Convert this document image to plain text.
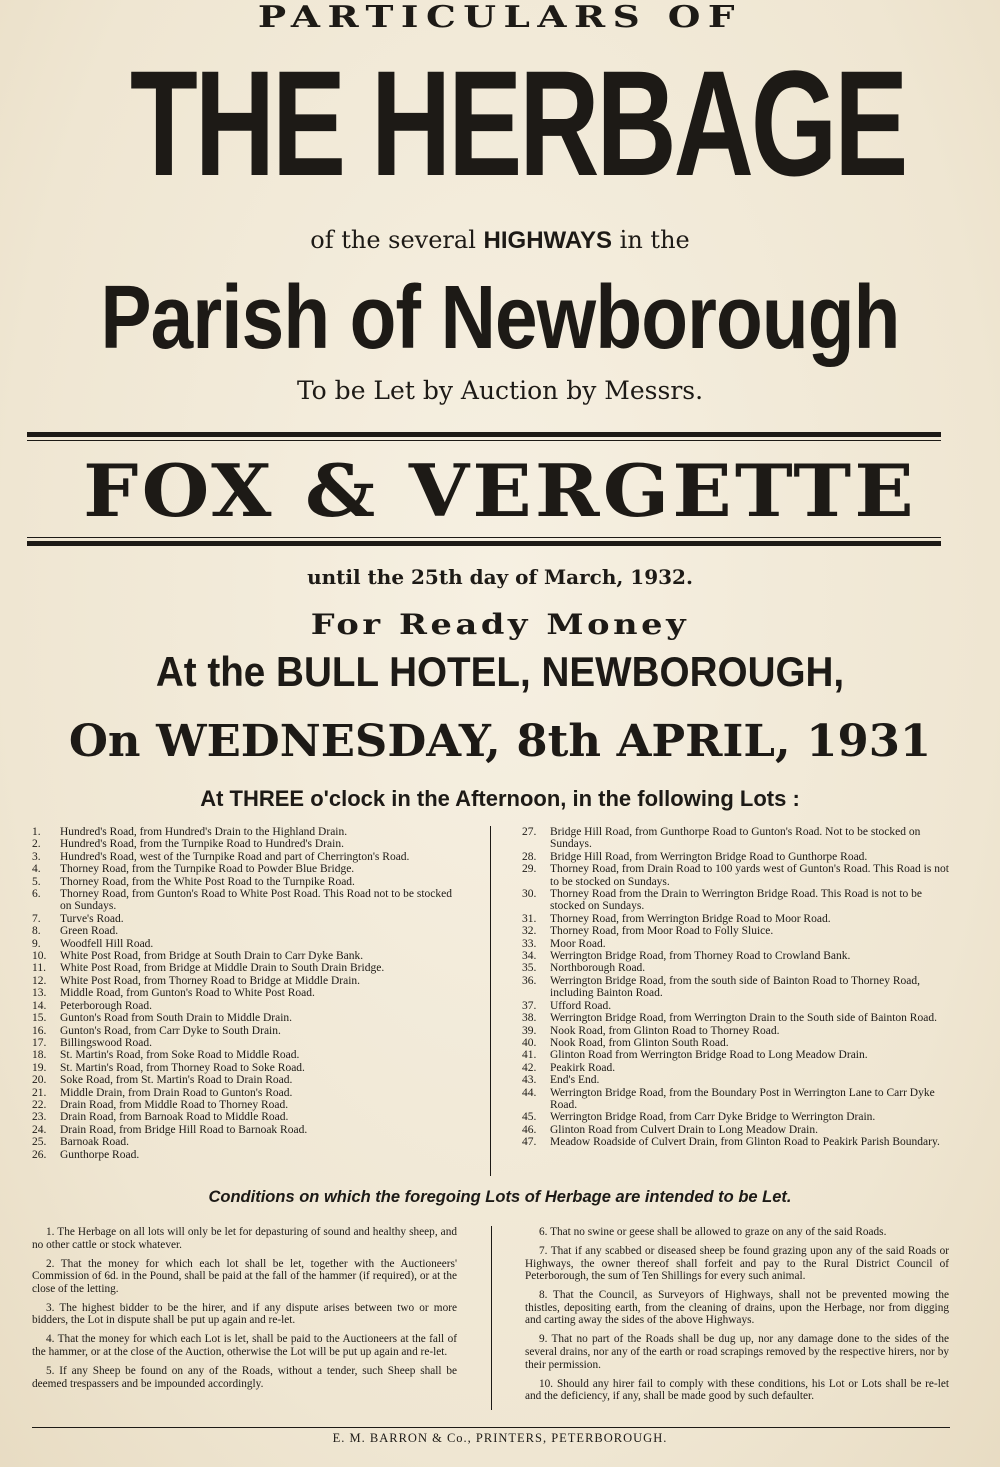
PARTICULARS OF
THE HERBAGE
of the several HIGHWAYS in the
Parish of Newborough
To be Let by Auction by Messrs.
FOX & VERGETTE
until the 25th day of March, 1932.
For Ready Money
At the BULL HOTEL, NEWBOROUGH,
On WEDNESDAY, 8th APRIL, 1931
At THREE o'clock in the Afternoon, in the following Lots :
1.	Hundred's Road, from Hundred's Drain to the Highland Drain.
2.	Hundred's Road, from the Turnpike Road to Hundred's Drain.
3.	Hundred's Road, west of the Turnpike Road and part of Cherrington's Road.
4.	Thorney Road, from the Turnpike Road to Powder Blue Bridge.
5.	Thorney Road, from the White Post Road to the Turnpike Road.
6.	Thorney Road, from Gunton's Road to White Post Road. This Road not to be stocked on Sundays.
7.	Turve's Road.
8.	Green Road.
9.	Woodfell Hill Road.
10.	White Post Road, from Bridge at South Drain to Carr Dyke Bank.
11.	White Post Road, from Bridge at Middle Drain to South Drain Bridge.
12.	White Post Road, from Thorney Road to Bridge at Middle Drain.
13.	Middle Road, from Gunton's Road to White Post Road.
14.	Peterborough Road.
15.	Gunton's Road from South Drain to Middle Drain.
16.	Gunton's Road, from Carr Dyke to South Drain.
17.	Billingswood Road.
18.	St. Martin's Road, from Soke Road to Middle Road.
19.	St. Martin's Road, from Thorney Road to Soke Road.
20.	Soke Road, from St. Martin's Road to Drain Road.
21.	Middle Drain, from Drain Road to Gunton's Road.
22.	Drain Road, from Middle Road to Thorney Road.
23.	Drain Road, from Barnoak Road to Middle Road.
24.	Drain Road, from Bridge Hill Road to Barnoak Road.
25.	Barnoak Road.
26.	Gunthorpe Road.
27.	Bridge Hill Road, from Gunthorpe Road to Gunton's Road. Not to be stocked on Sundays.
28.	Bridge Hill Road, from Werrington Bridge Road to Gunthorpe Road.
29.	Thorney Road, from Drain Road to 100 yards west of Gunton's Road. This Road is not to be stocked on Sundays.
30.	Thorney Road from the Drain to Werrington Bridge Road. This Road is not to be stocked on Sundays.
31.	Thorney Road, from Werrington Bridge Road to Moor Road.
32.	Thorney Road, from Moor Road to Folly Sluice.
33.	Moor Road.
34.	Werrington Bridge Road, from Thorney Road to Crowland Bank.
35.	Northborough Road.
36.	Werrington Bridge Road, from the south side of Bainton Road to Thorney Road, including Bainton Road.
37.	Ufford Road.
38.	Werrington Bridge Road, from Werrington Drain to the South side of Bainton Road.
39.	Nook Road, from Glinton Road to Thorney Road.
40.	Nook Road, from Glinton South Road.
41.	Glinton Road from Werrington Bridge Road to Long Meadow Drain.
42.	Peakirk Road.
43.	End's End.
44.	Werrington Bridge Road, from the Boundary Post in Werrington Lane to Carr Dyke Road.
45.	Werrington Bridge Road, from Carr Dyke Bridge to Werrington Drain.
46.	Glinton Road from Culvert Drain to Long Meadow Drain.
47.	Meadow Roadside of Culvert Drain, from Glinton Road to Peakirk Parish Boundary.
Conditions on which the foregoing Lots of Herbage are intended to be Let.

1. The Herbage on all lots will only be let for depasturing of sound and healthy sheep, and no other cattle or stock whatever.

2. That the money for which each lot shall be let, together with the Auctioneers' Commission of 6d. in the Pound, shall be paid at the fall of the hammer (if required), or at the close of the letting.

3. The highest bidder to be the hirer, and if any dispute arises between two or more bidders, the Lot in dispute shall be put up again and re-let.

4. That the money for which each Lot is let, shall be paid to the Auctioneers at the fall of the hammer, or at the close of the Auction, otherwise the Lot will be put up again and re-let.

5. If any Sheep be found on any of the Roads, without a tender, such Sheep shall be deemed trespassers and be impounded accordingly.

6. That no swine or geese shall be allowed to graze on any of the said Roads.

7. That if any scabbed or diseased sheep be found grazing upon any of the said Roads or Highways, the owner thereof shall forfeit and pay to the Rural District Council of Peterborough, the sum of Ten Shillings for every such animal.

8. That the Council, as Surveyors of Highways, shall not be prevented mowing the thistles, depositing earth, from the cleaning of drains, upon the Herbage, nor from digging and carting away the sides of the above Highways.

9. That no part of the Roads shall be dug up, nor any damage done to the sides of the several drains, nor any of the earth or road scrapings removed by the respective hirers, nor by their permission.

10. Should any hirer fail to comply with these conditions, his Lot or Lots shall be re-let and the deficiency, if any, shall be made good by such defaulter.

E. M. BARRON & Co., PRINTERS, PETERBOROUGH.
